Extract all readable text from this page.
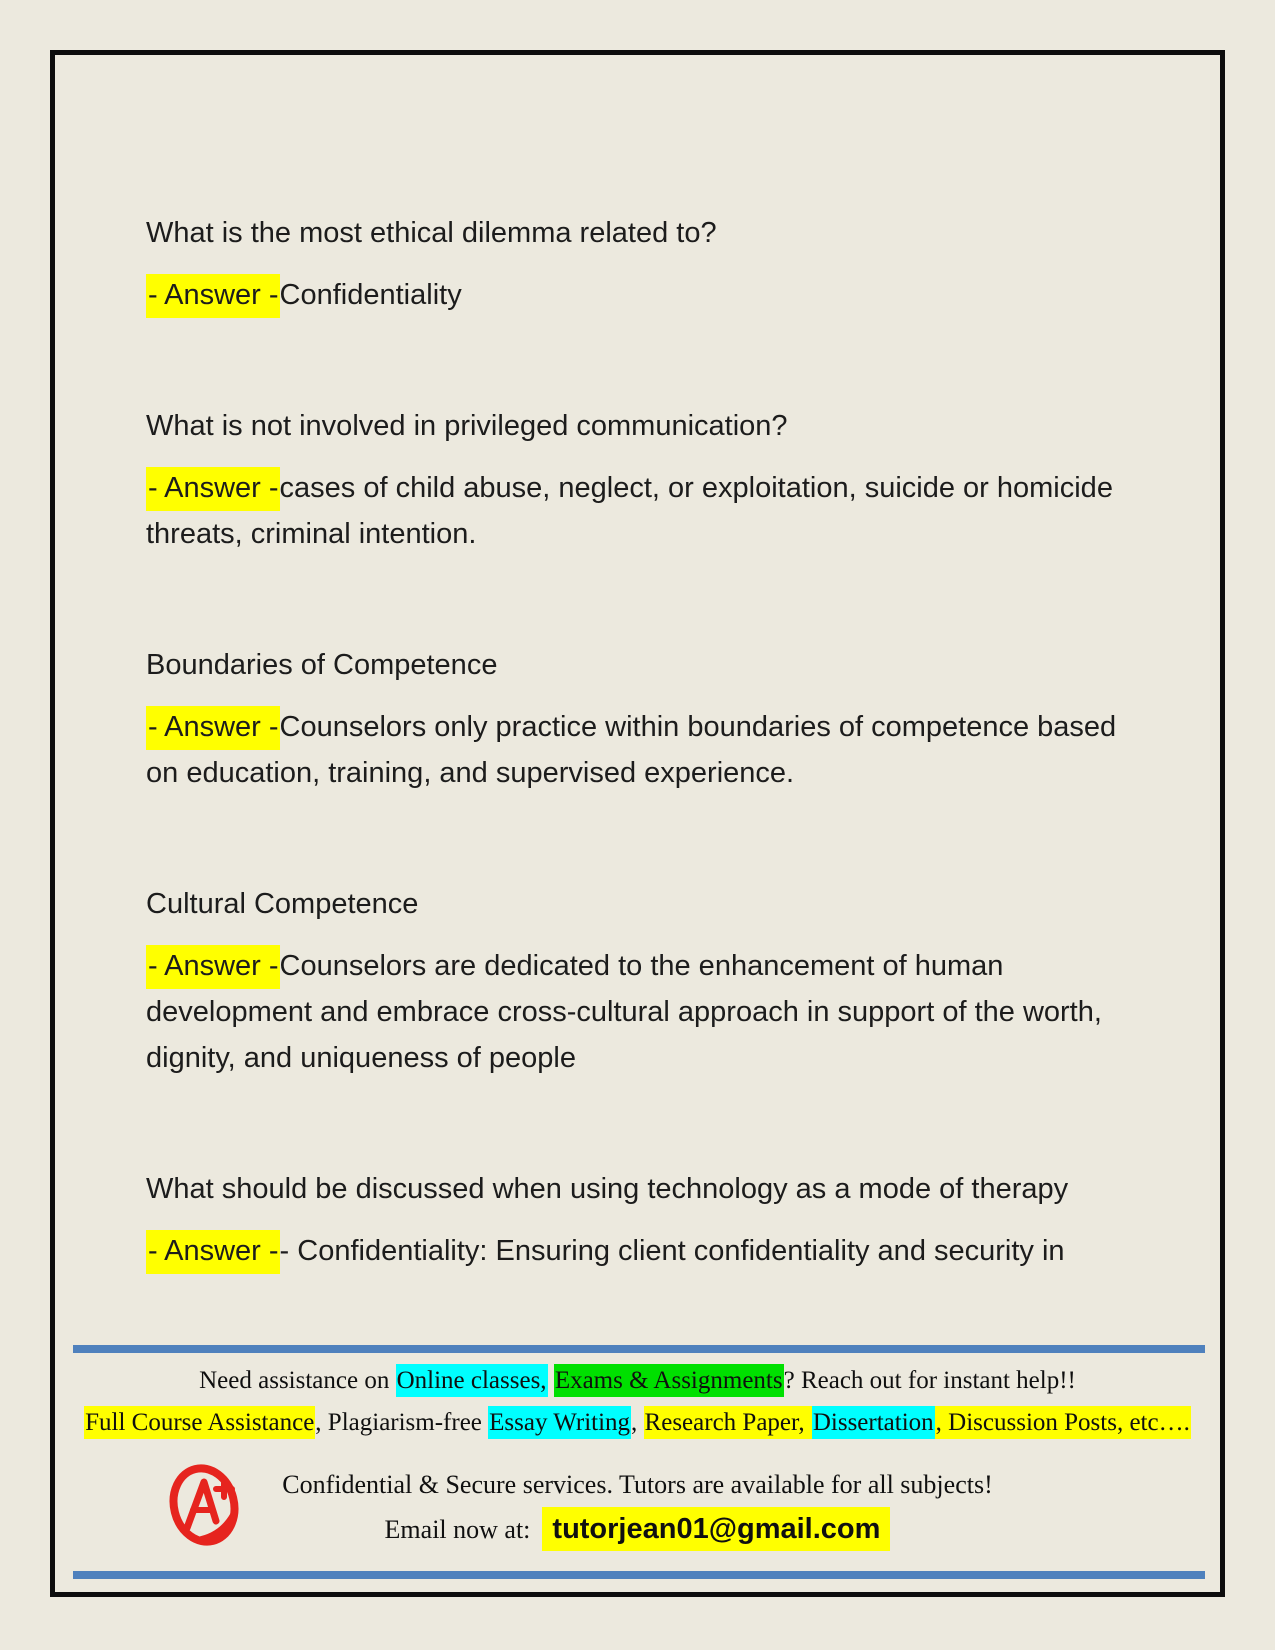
What is the most ethical dilemma related to?

- Answer -Confidentiality

What is not involved in privileged communication?

- Answer -cases of child abuse, neglect, or exploitation, suicide or homicide threats, criminal intention.

Boundaries of Competence

- Answer -Counselors only practice within boundaries of competence based on education, training, and supervised experience.

Cultural Competence

- Answer -Counselors are dedicated to the enhancement of human development and embrace cross-cultural approach in support of the worth, dignity, and uniqueness of people

What should be discussed when using technology as a mode of therapy

- Answer -- Confidentiality: Ensuring client confidentiality and security in

Need assistance on Online classes, Exams & Assignments? Reach out for instant help!!
Full Course Assistance, Plagiarism-free Essay Writing, Research Paper, Dissertation, Discussion Posts, etc….
Confidential & Secure services. Tutors are available for all subjects!
Email now at: tutorjean01@gmail.com
